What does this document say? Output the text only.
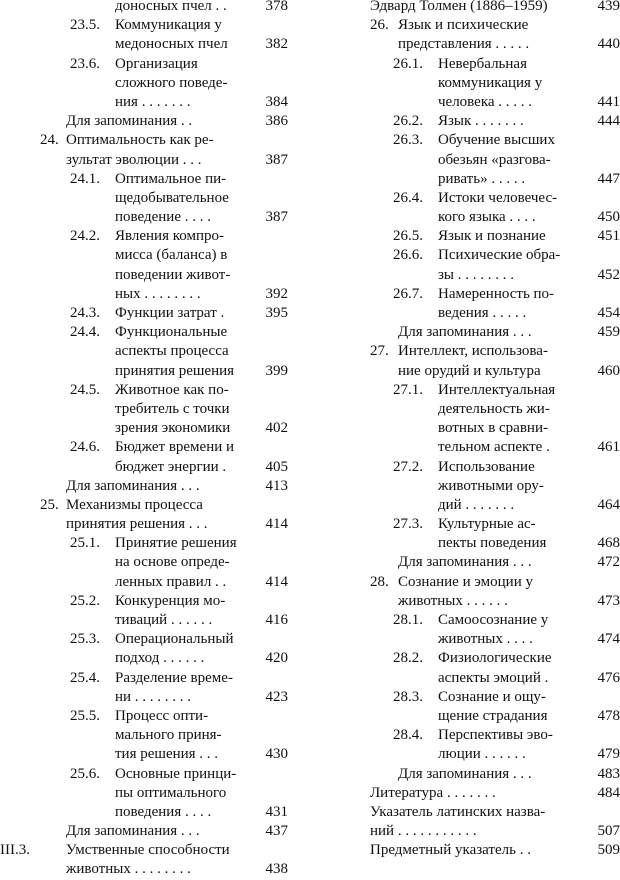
доносных пчел . .	378
23.5. Коммуникация у
медоносных пчел	382
23.6. Организация
сложного поведе-
ния . . . . . . .	384
Для запоминания . .	386
24. Оптимальность как ре-
зультат эволюции . . .	387
24.1. Оптимальное пи-
щедобывательное
поведение . . . .	387
24.2. Явления компро-
мисса (баланса) в
поведении живот-
ных . . . . . . . .	392
24.3. Функции затрат .	395
24.4. Функциональные
аспекты процесса
принятия решения 399
24.5. Животное как по-
требитель с точки
зрения экономики 402
24.6. Бюджет времени и
бюджет энергии .	405
Для запоминания . . .	413
25. Механизмы процесса
принятия решения . . .	414
25.1. Принятие решения
на основе опреде-
ленных правил . .	414
25.2. Конкуренция мо-
тиваций . . . . . .	416
25.3. Операциональный
подход . . . . . .	420
25.4. Разделение време-
ни . . . . . . . .	423
25.5. Процесс опти-
мального приня-
тия решения . . .	430
25.6. Основные принци-
пы оптимального
поведения . . . .	431
Для запоминания . . .	437
III.3. Умственные способности
животных . . . . . . . .	438
Эдвард Толмен (1886–1959)	439
26. Язык и психические
представления . . . . .	440
26.1. Невербальная
коммуникация у
человека . . . . .	441
26.2. Язык . . . . . . .	444
26.3. Обучение высших
обезьян «разгова-
ривать» . . . . .	447
26.4. Истоки человечес-
кого языка . . . .	450
26.5. Язык и познание	451
26.6. Психические обра-
зы . . . . . . . .	452
26.7. Намеренность по-
ведения . . . . .	454
Для запоминания . . .	459
27. Интеллект, использова-
ние орудий и культура	460
27.1. Интеллектуальная
деятельность жи-
вотных в сравни-
тельном аспекте .	461
27.2. Использование
животными ору-
дий . . . . . . .	464
27.3. Культурные ас-
пекты поведения	468
Для запоминания . . .	472
28. Сознание и эмоции у
животных . . . . . .	473
28.1. Самоосознание у
животных . . . .	474
28.2. Физиологические
аспекты эмоций .	476
28.3. Сознание и ощу-
щение страдания	478
28.4. Перспективы эво-
люции . . . . . .	479
Для запоминания . . .	483
Литература . . . . . . .	484
Указатель латинских назва-
ний . . . . . . . . . . .	507
Предметный указатель . .	509
